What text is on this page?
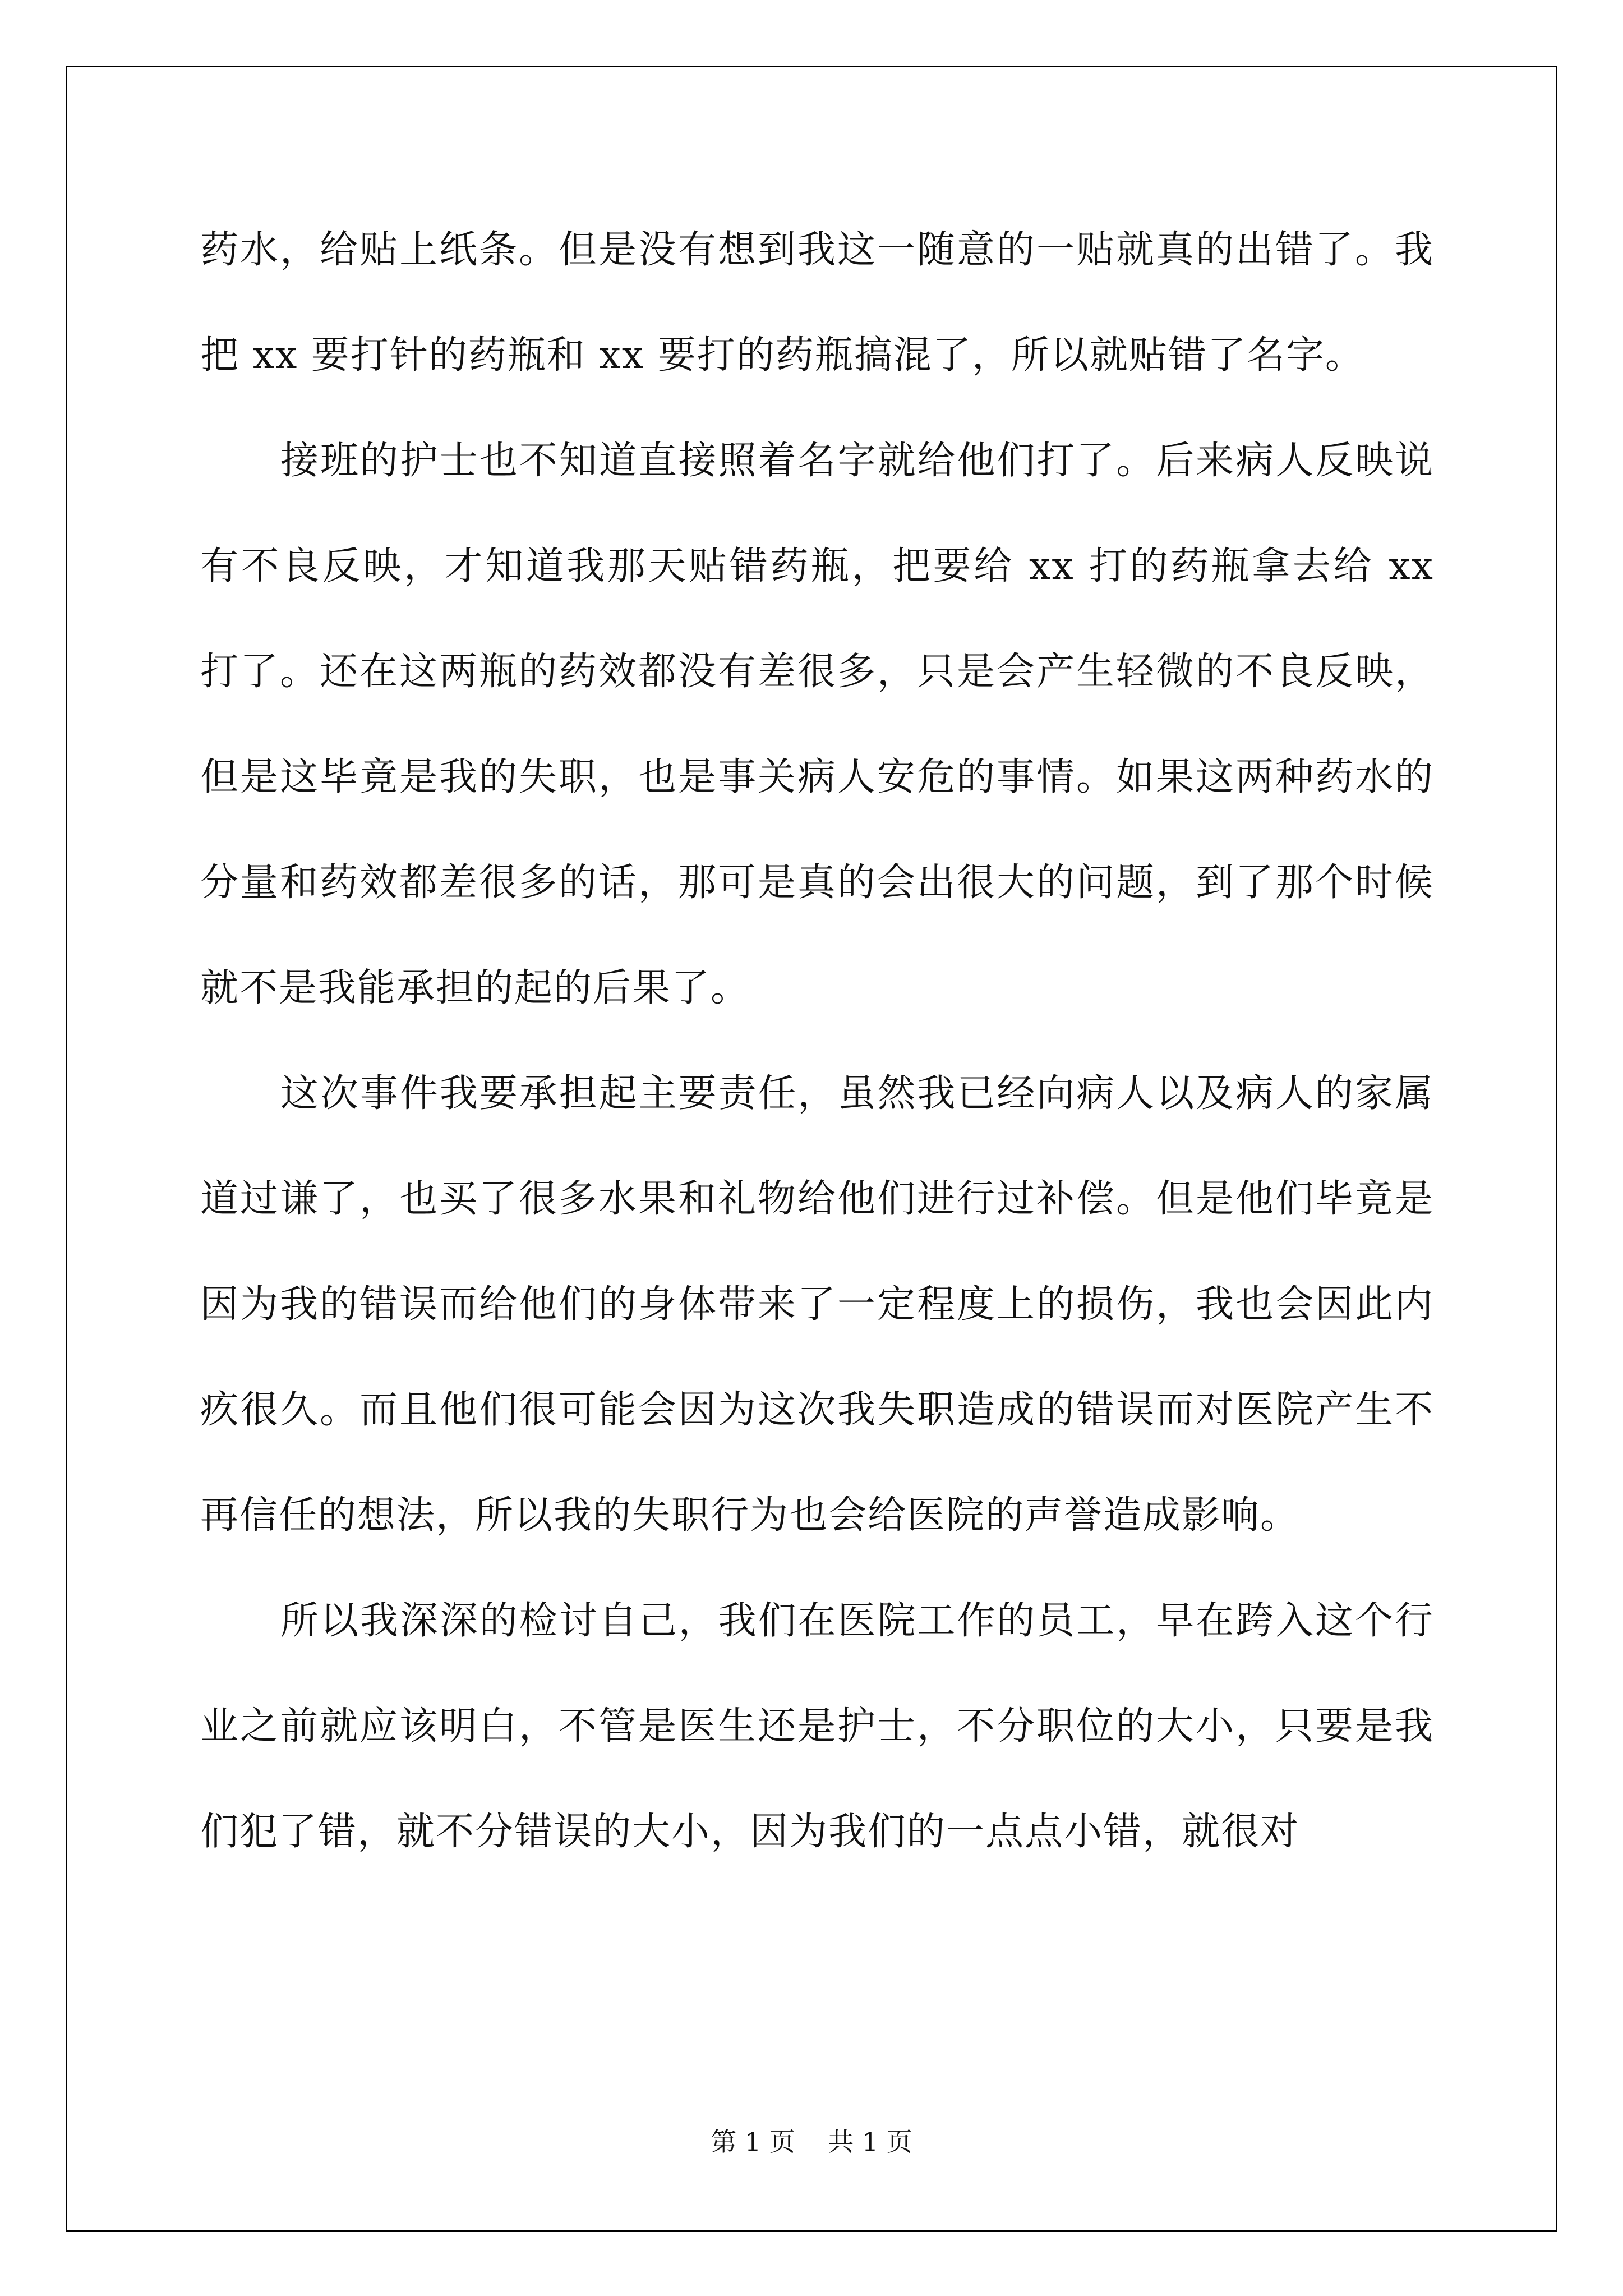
药水，给贴上纸条。但是没有想到我这一随意的一贴就真的出错了。我把 xx 要打针的药瓶和 xx 要打的药瓶搞混了，所以就贴错了名字。

接班的护士也不知道直接照着名字就给他们打了。后来病人反映说有不良反映，才知道我那天贴错药瓶，把要给 xx 打的药瓶拿去给 xx 打了。还在这两瓶的药效都没有差很多，只是会产生轻微的不良反映，但是这毕竟是我的失职，也是事关病人安危的事情。如果这两种药水的分量和药效都差很多的话，那可是真的会出很大的问题，到了那个时候就不是我能承担的起的后果了。

这次事件我要承担起主要责任，虽然我已经向病人以及病人的家属道过谦了，也买了很多水果和礼物给他们进行过补偿。但是他们毕竟是因为我的错误而给他们的身体带来了一定程度上的损伤，我也会因此内疚很久。而且他们很可能会因为这次我失职造成的错误而对医院产生不再信任的想法，所以我的失职行为也会给医院的声誉造成影响。

所以我深深的检讨自己，我们在医院工作的员工，早在跨入这个行业之前就应该明白，不管是医生还是护士，不分职位的大小，只要是我们犯了错，就不分错误的大小，因为我们的一点点小错，就很对

第 1 页 共 1 页
